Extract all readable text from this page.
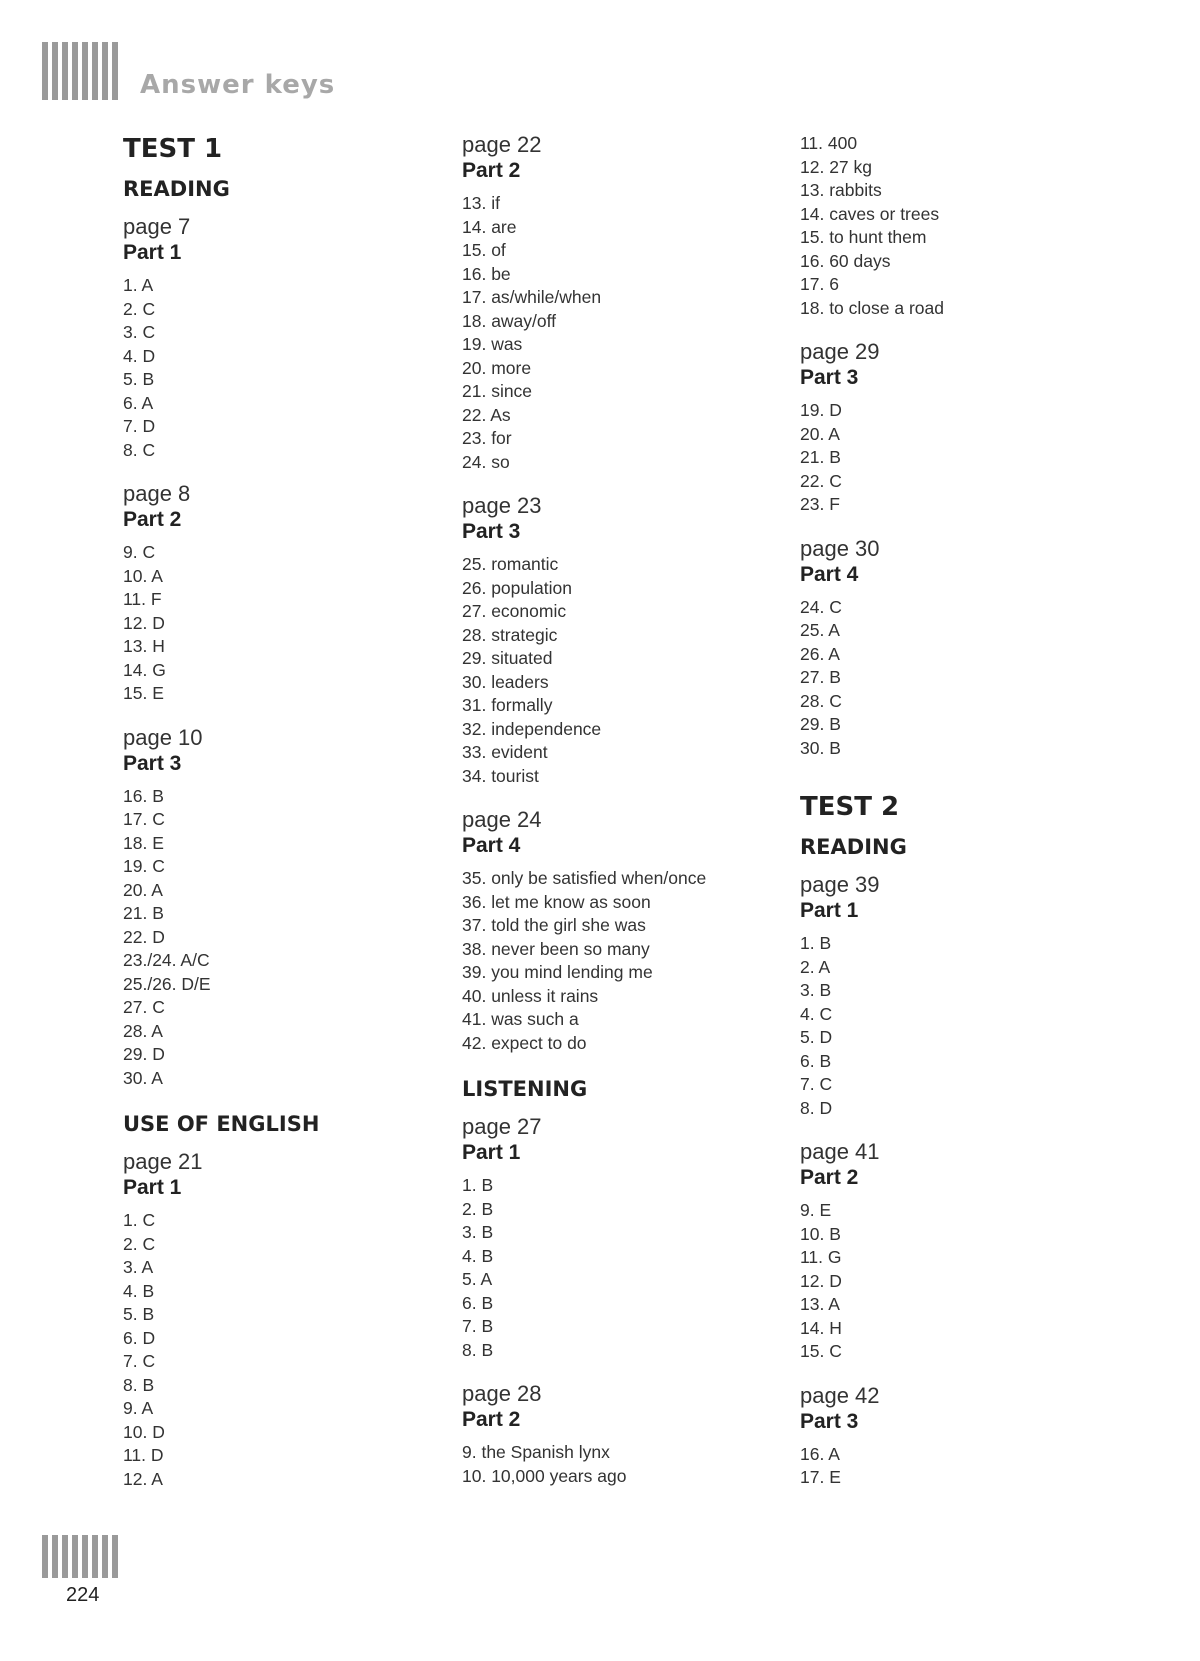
Answer keys
TEST 1
READING
page 7
Part 1
1. A
2. C
3. C
4. D
5. B
6. A
7. D
8. C
page 8
Part 2
9. C
10. A
11. F
12. D
13. H
14. G
15. E
page 10
Part 3
16. B
17. C
18. E
19. C
20. A
21. B
22. D
23./24. A/C
25./26. D/E
27. C
28. A
29. D
30. A
USE OF ENGLISH
page 21
Part 1
1. C
2. C
3. A
4. B
5. B
6. D
7. C
8. B
9. A
10. D
11. D
12. A
page 22
Part 2
13. if
14. are
15. of
16. be
17. as/while/when
18. away/off
19. was
20. more
21. since
22. As
23. for
24. so
page 23
Part 3
25. romantic
26. population
27. economic
28. strategic
29. situated
30. leaders
31. formally
32. independence
33. evident
34. tourist
page 24
Part 4
35. only be satisfied when/once
36. let me know as soon
37. told the girl she was
38. never been so many
39. you mind lending me
40. unless it rains
41. was such a
42. expect to do
LISTENING
page 27
Part 1
1. B
2. B
3. B
4. B
5. A
6. B
7. B
8. B
page 28
Part 2
9. the Spanish lynx
10. 10,000 years ago
11. 400
12. 27 kg
13. rabbits
14. caves or trees
15. to hunt them
16. 60 days
17. 6
18. to close a road
page 29
Part 3
19. D
20. A
21. B
22. C
23. F
page 30
Part 4
24. C
25. A
26. A
27. B
28. C
29. B
30. B
TEST 2
READING
page 39
Part 1
1. B
2. A
3. B
4. C
5. D
6. B
7. C
8. D
page 41
Part 2
9. E
10. B
11. G
12. D
13. A
14. H
15. C
page 42
Part 3
16. A
17. E
224
